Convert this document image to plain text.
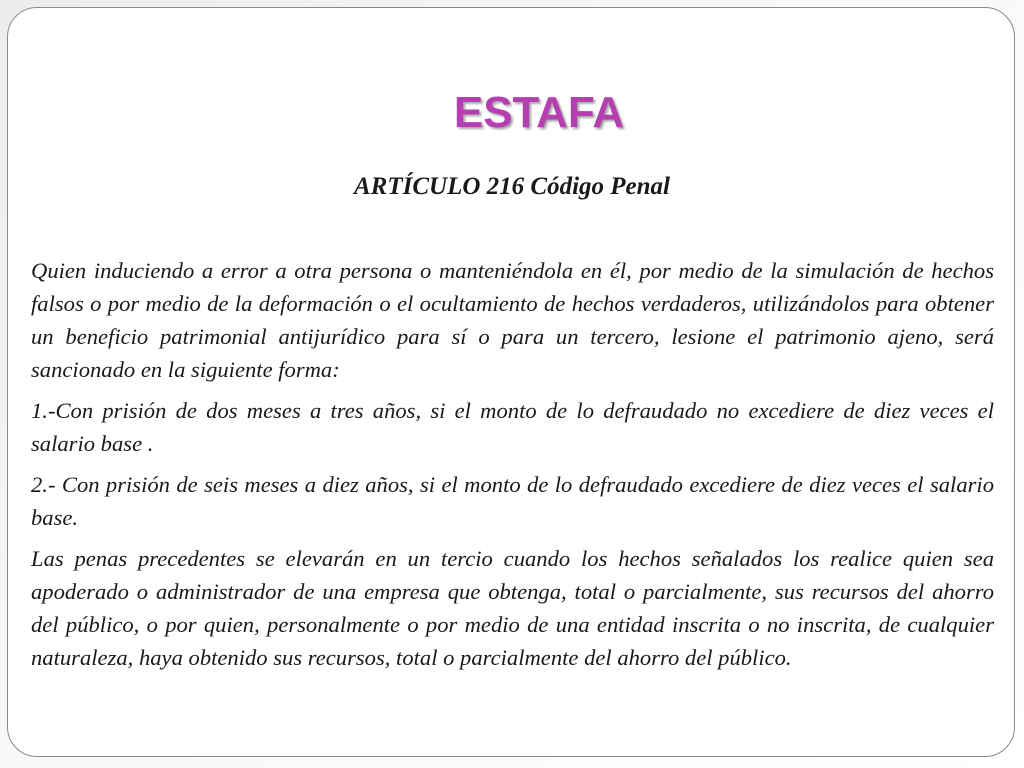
ESTAFA
ARTÍCULO 216 Código Penal

Quien induciendo a error a otra persona o manteniéndola en él, por medio de la simulación de hechos falsos o por medio de la deformación o el ocultamiento de hechos verdaderos, utilizándolos para obtener un beneficio patrimonial antijurídico para sí o para un tercero, lesione el patrimonio ajeno, será sancionado en la siguiente forma:

1.-Con prisión de dos meses a tres años, si el monto de lo defraudado no excediere de diez veces el salario base .

2.- Con prisión de seis meses a diez años, si el monto de lo defraudado excediere de diez veces el salario base.

Las penas precedentes se elevarán en un tercio cuando los hechos señalados los realice quien sea apoderado o administrador de una empresa que obtenga, total o parcialmente, sus recursos del ahorro del público, o por quien, personalmente o por medio de una entidad inscrita o no inscrita, de cualquier naturaleza, haya obtenido sus recursos, total o parcialmente del ahorro del público.
